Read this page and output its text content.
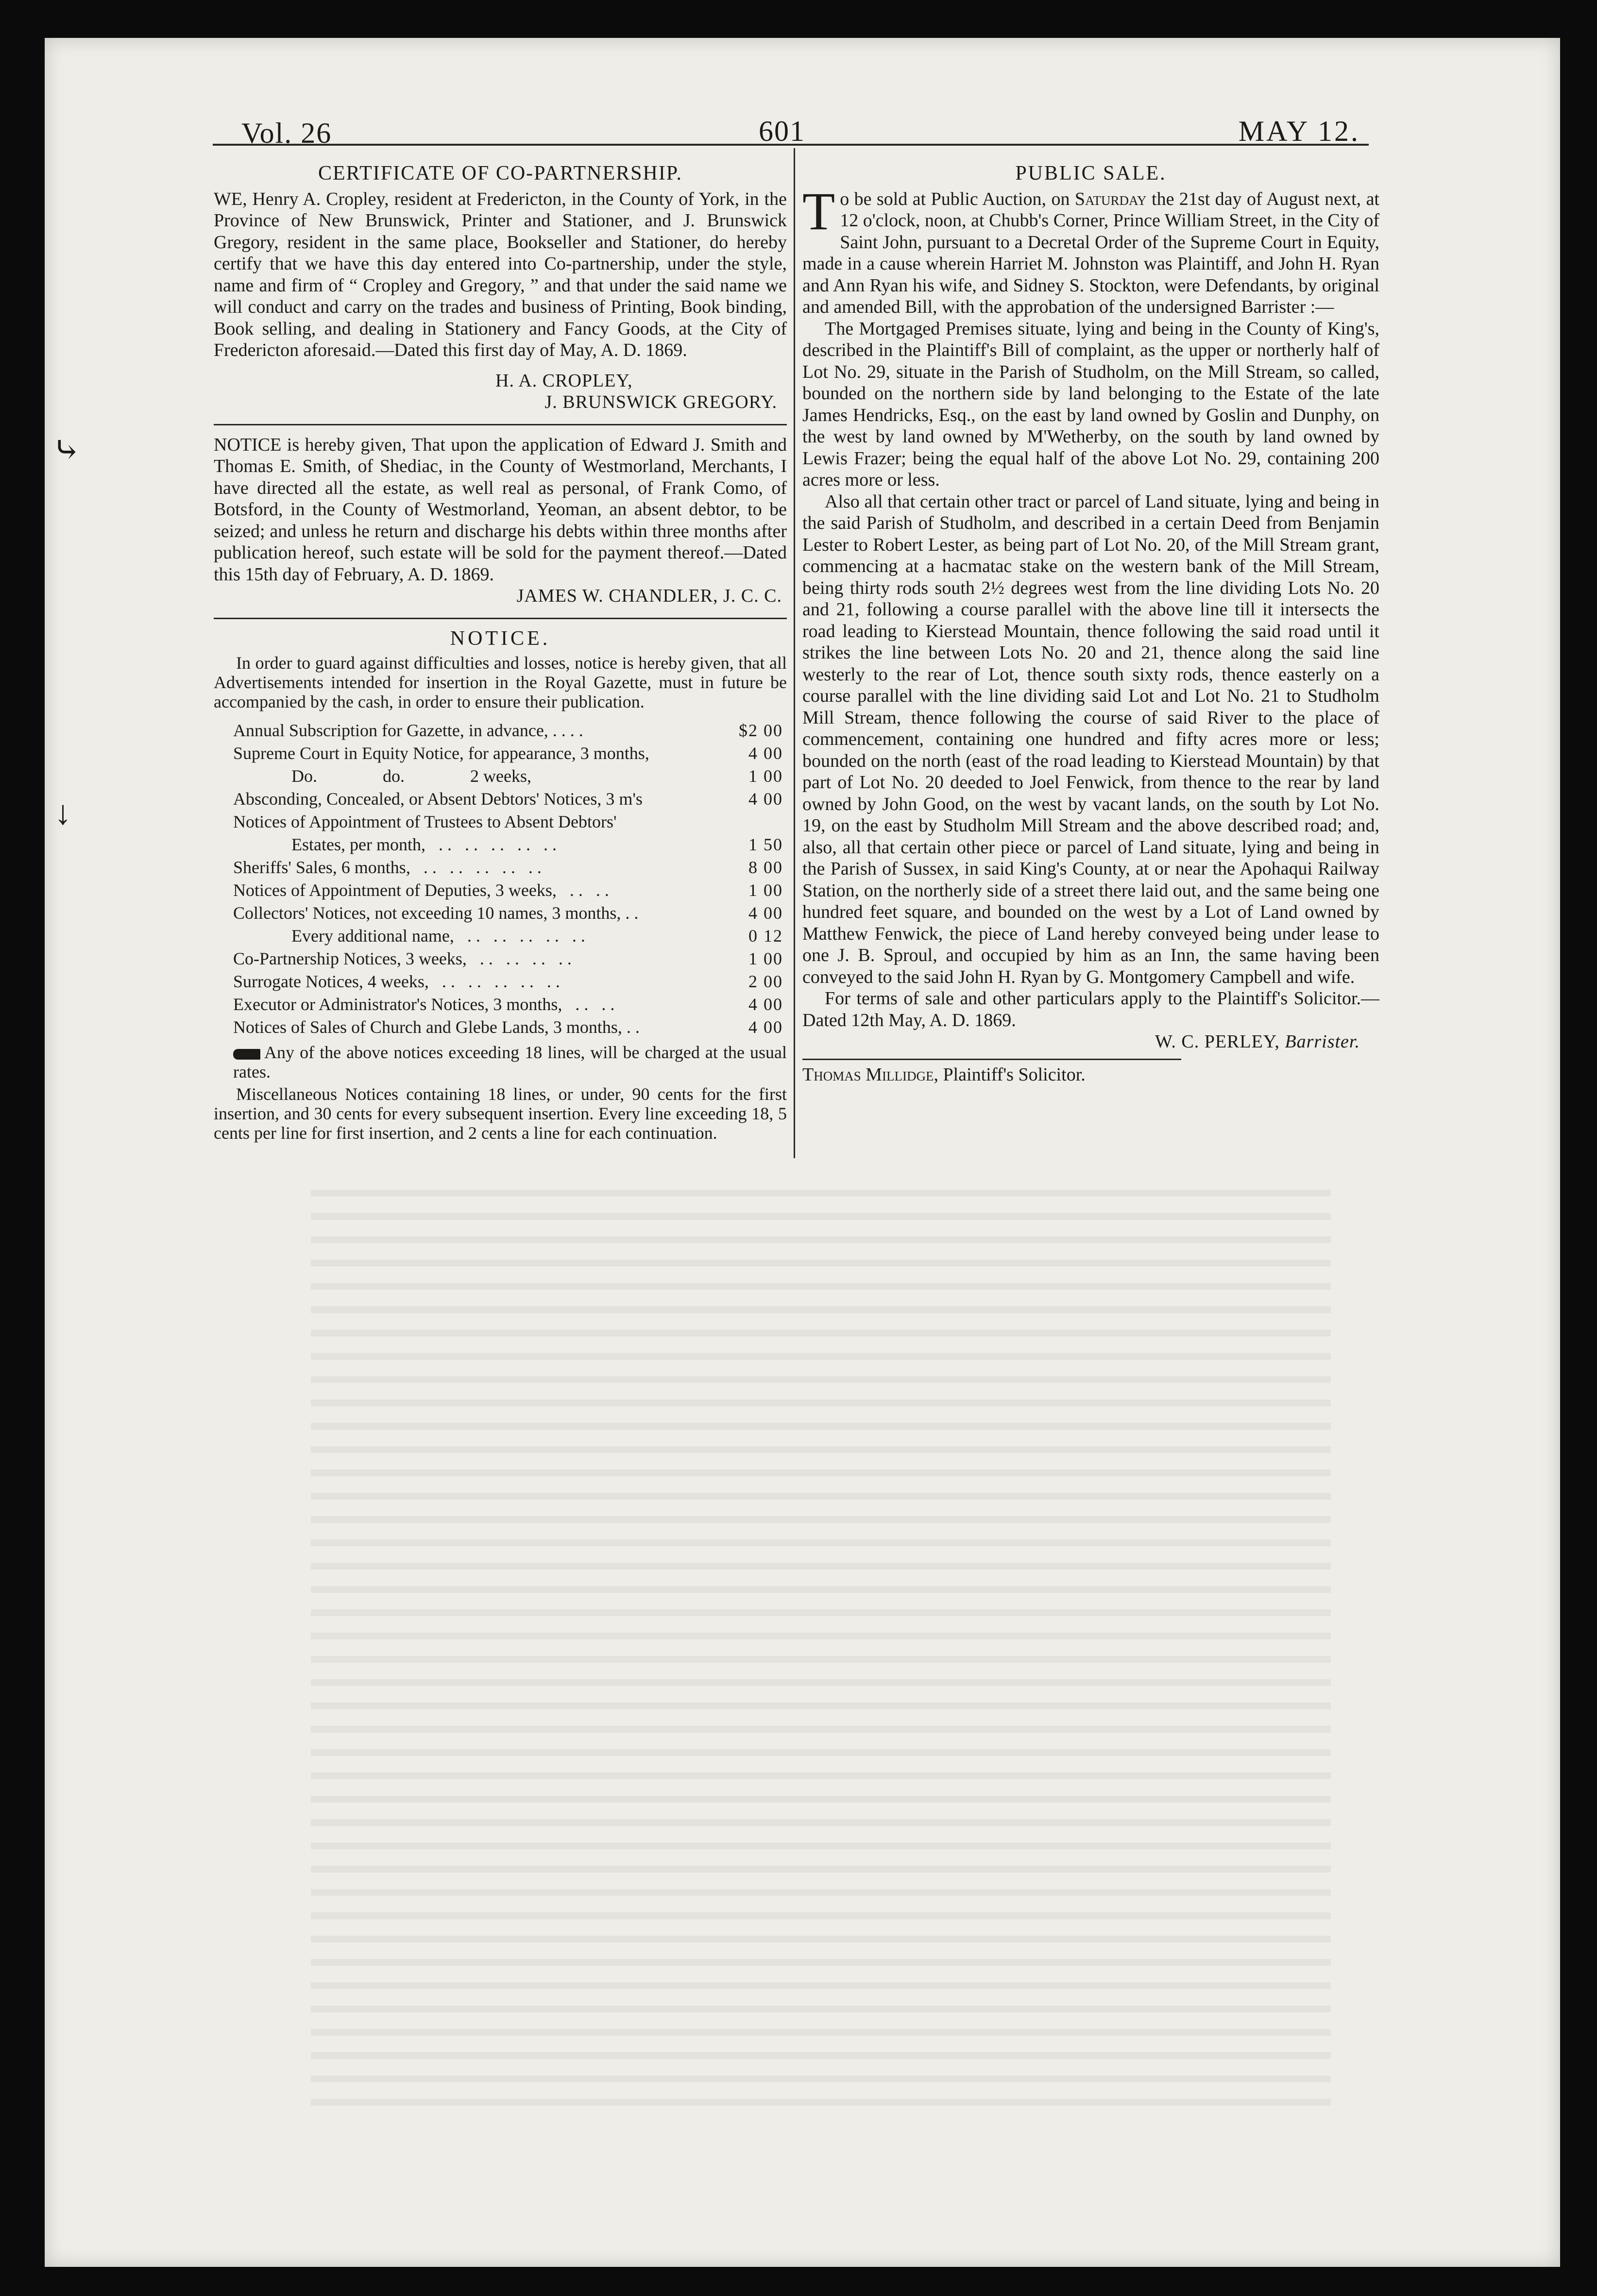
⤷
↓
Vol. 26	601	MAY 12.
CERTIFICATE OF CO-PARTNERSHIP.

WE, Henry A. Cropley, resident at Fredericton, in the County of York, in the Province of New Brunswick, Printer and Stationer, and J. Brunswick Gregory, resident in the same place, Bookseller and Stationer, do hereby certify that we have this day entered into Co-partnership, under the style, name and firm of “ Cropley and Gregory, ” and that under the said name we will conduct and carry on the trades and business of Printing, Book binding, Book selling, and dealing in Stationery and Fancy Goods, at the City of Fredericton aforesaid.—Dated this first day of May, A. D. 1869.

H. A. CROPLEY,

J. BRUNSWICK GREGORY.

NOTICE is hereby given, That upon the application of Edward J. Smith and Thomas E. Smith, of Shediac, in the County of Westmorland, Merchants, I have directed all the estate, as well real as personal, of Frank Como, of Botsford, in the County of Westmorland, Yeoman, an absent debtor, to be seized; and unless he return and discharge his debts within three months after publication hereof, such estate will be sold for the payment thereof.—Dated this 15th day of February, A. D. 1869.

JAMES W. CHANDLER, J. C. C.

NOTICE.

In order to guard against difficulties and losses, notice is hereby given, that all Advertisements intended for insertion in the Royal Gazette, must in future be accompanied by the cash, in order to ensure their publication.

Annual Subscription for Gazette, in advance, . . . .	$2 00
Supreme Court in Equity Notice, for appearance, 3 months,	4 00
Do.               do.               2 weeks,	1 00
Absconding, Concealed, or Absent Debtors' Notices, 3 m's	4 00
Notices of Appointment of Trustees to Absent Debtors'
Estates, per month,   . .   . .   . .   . .   . .	1 50
Sheriffs' Sales, 6 months,   . .   . .   . .   . .   . .	8 00
Notices of Appointment of Deputies, 3 weeks,   . .   . .	1 00
Collectors' Notices, not exceeding 10 names, 3 months, . .	4 00
Every additional name,   . .   . .   . .   . .   . .	0 12
Co-Partnership Notices, 3 weeks,   . .   . .   . .   . .	1 00
Surrogate Notices, 4 weeks,   . .   . .   . .   . .   . .	2 00
Executor or Administrator's Notices, 3 months,   . .   . .	4 00
Notices of Sales of Church and Glebe Lands, 3 months, . .	4 00

Any of the above notices exceeding 18 lines, will be charged at the usual rates.

Miscellaneous Notices containing 18 lines, or under, 90 cents for the first insertion, and 30 cents for every subsequent insertion. Every line exceeding 18, 5 cents per line for first insertion, and 2 cents a line for each continuation.

PUBLIC SALE.

To be sold at Public Auction, on Saturday the 21st day of August next, at 12 o'clock, noon, at Chubb's Corner, Prince William Street, in the City of Saint John, pursuant to a Decretal Order of the Supreme Court in Equity, made in a cause wherein Harriet M. Johnston was Plaintiff, and John H. Ryan and Ann Ryan his wife, and Sidney S. Stockton, were Defendants, by original and amended Bill, with the approbation of the undersigned Barrister :—

The Mortgaged Premises situate, lying and being in the County of King's, described in the Plaintiff's Bill of complaint, as the upper or northerly half of Lot No. 29, situate in the Parish of Studholm, on the Mill Stream, so called, bounded on the northern side by land belonging to the Estate of the late James Hendricks, Esq., on the east by land owned by Goslin and Dunphy, on the west by land owned by M'Wetherby, on the south by land owned by Lewis Frazer; being the equal half of the above Lot No. 29, containing 200 acres more or less.

Also all that certain other tract or parcel of Land situate, lying and being in the said Parish of Studholm, and described in a certain Deed from Benjamin Lester to Robert Lester, as being part of Lot No. 20, of the Mill Stream grant, commencing at a hacmatac stake on the western bank of the Mill Stream, being thirty rods south 2½ degrees west from the line dividing Lots No. 20 and 21, following a course parallel with the above line till it intersects the road leading to Kierstead Mountain, thence following the said road until it strikes the line between Lots No. 20 and 21, thence along the said line westerly to the rear of Lot, thence south sixty rods, thence easterly on a course parallel with the line dividing said Lot and Lot No. 21 to Studholm Mill Stream, thence following the course of said River to the place of commencement, containing one hundred and fifty acres more or less; bounded on the north (east of the road leading to Kierstead Mountain) by that part of Lot No. 20 deeded to Joel Fenwick, from thence to the rear by land owned by John Good, on the west by vacant lands, on the south by Lot No. 19, on the east by Studholm Mill Stream and the above described road; and, also, all that certain other piece or parcel of Land situate, lying and being in the Parish of Sussex, in said King's County, at or near the Apohaqui Railway Station, on the northerly side of a street there laid out, and the same being one hundred feet square, and bounded on the west by a Lot of Land owned by Matthew Fenwick, the piece of Land hereby conveyed being under lease to one J. B. Sproul, and occupied by him as an Inn, the same having been conveyed to the said John H. Ryan by G. Montgomery Campbell and wife.

For terms of sale and other particulars apply to the Plaintiff's Solicitor.—Dated 12th May, A. D. 1869.

W. C. PERLEY, Barrister.

Thomas Millidge, Plaintiff's Solicitor.
